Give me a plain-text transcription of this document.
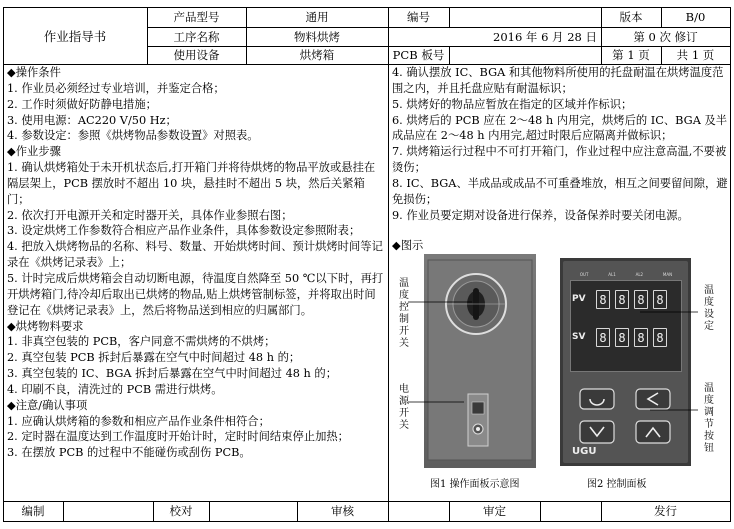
作业指导书
产品型号	通用	编号	版本	B/0
工序名称	物料烘烤	2016 年 6 月 28 日	第 0 次 修订
使用设备	烘烤箱	PCB 板号	第 1 页	共 1 页

◆操作条件

1. 作业员必须经过专业培训，并鉴定合格；

2. 工作时须做好防静电措施；

3. 使用电源：AC220 V/50 Hz；

4. 参数设定：参照《烘烤物品参数设置》对照表。

◆作业步骤

1. 确认烘烤箱处于未开机状态后,打开箱门并将待烘烤的物品平放或悬挂在隔层架上，PCB 摆放时不超出 10 块，悬挂时不超出 5 块，然后关紧箱门；

2. 依次打开电源开关和定时器开关，具体作业参照右图；

3. 设定烘烤工作参数符合相应产品作业条件，具体参数设定参照附表；

4. 把放入烘烤物品的名称、料号、数量、开始烘烤时间、预计烘烤时间等记录在《烘烤记录表》上；

5. 计时完成后烘烤箱会自动切断电源，待温度自然降至 50 ℃以下时，再打开烘烤箱门,待冷却后取出已烘烤的物品,贴上烘烤管制标签，并将取出时间登记在《烘烤记录表》上，然后将物品送到相应的归属部门。

◆烘烤物料要求

1. 非真空包装的 PCB，客户同意不需烘烤的不烘烤；

2. 真空包装 PCB 拆封后暴露在空气中时间超过 48 h 的；

3. 真空包装的 IC、BGA 拆封后暴露在空气中时间超过 48 h 的；

4. 印刷不良，清洗过的 PCB 需进行烘烤。

◆注意/确认事项

1. 应确认烘烤箱的参数和相应产品作业条件相符合；

2. 定时器在温度达到工作温度时开始计时，定时时间结束停止加热；

3. 在摆放 PCB 的过程中不能碰伤或刮伤 PCB。

4. 确认摆放 IC、BGA 和其他物料所使用的托盘耐温在烘烤温度范围之内，并且托盘应贴有耐温标识；

5. 烘烤好的物品应暂放在指定的区域并作标识；

6. 烘烤后的 PCB 应在 2～48 h 内用完，烘烤后的 IC、BGA 及半成品应在 2～48 h 内用完,超过时限后应隔离并做标识；

7. 烘烤箱运行过程中不可打开箱门，作业过程中应注意高温,不要被烫伤；

8. IC、BGA、半成品或成品不可重叠堆放，相互之间要留间隙，避免损伤；

9. 作业员要定期对设备进行保养，设备保养时要关闭电源。

◆图示
温度控制开关
电源开关
图1 操作面板示意图
OUT	AL1	AL2	MAN
PV
SV
UGU
8 8 8 8
8 8 8 8
温度设定
温度调节按钮
图2 控制面板
编制	校对	审核	审定	发行
